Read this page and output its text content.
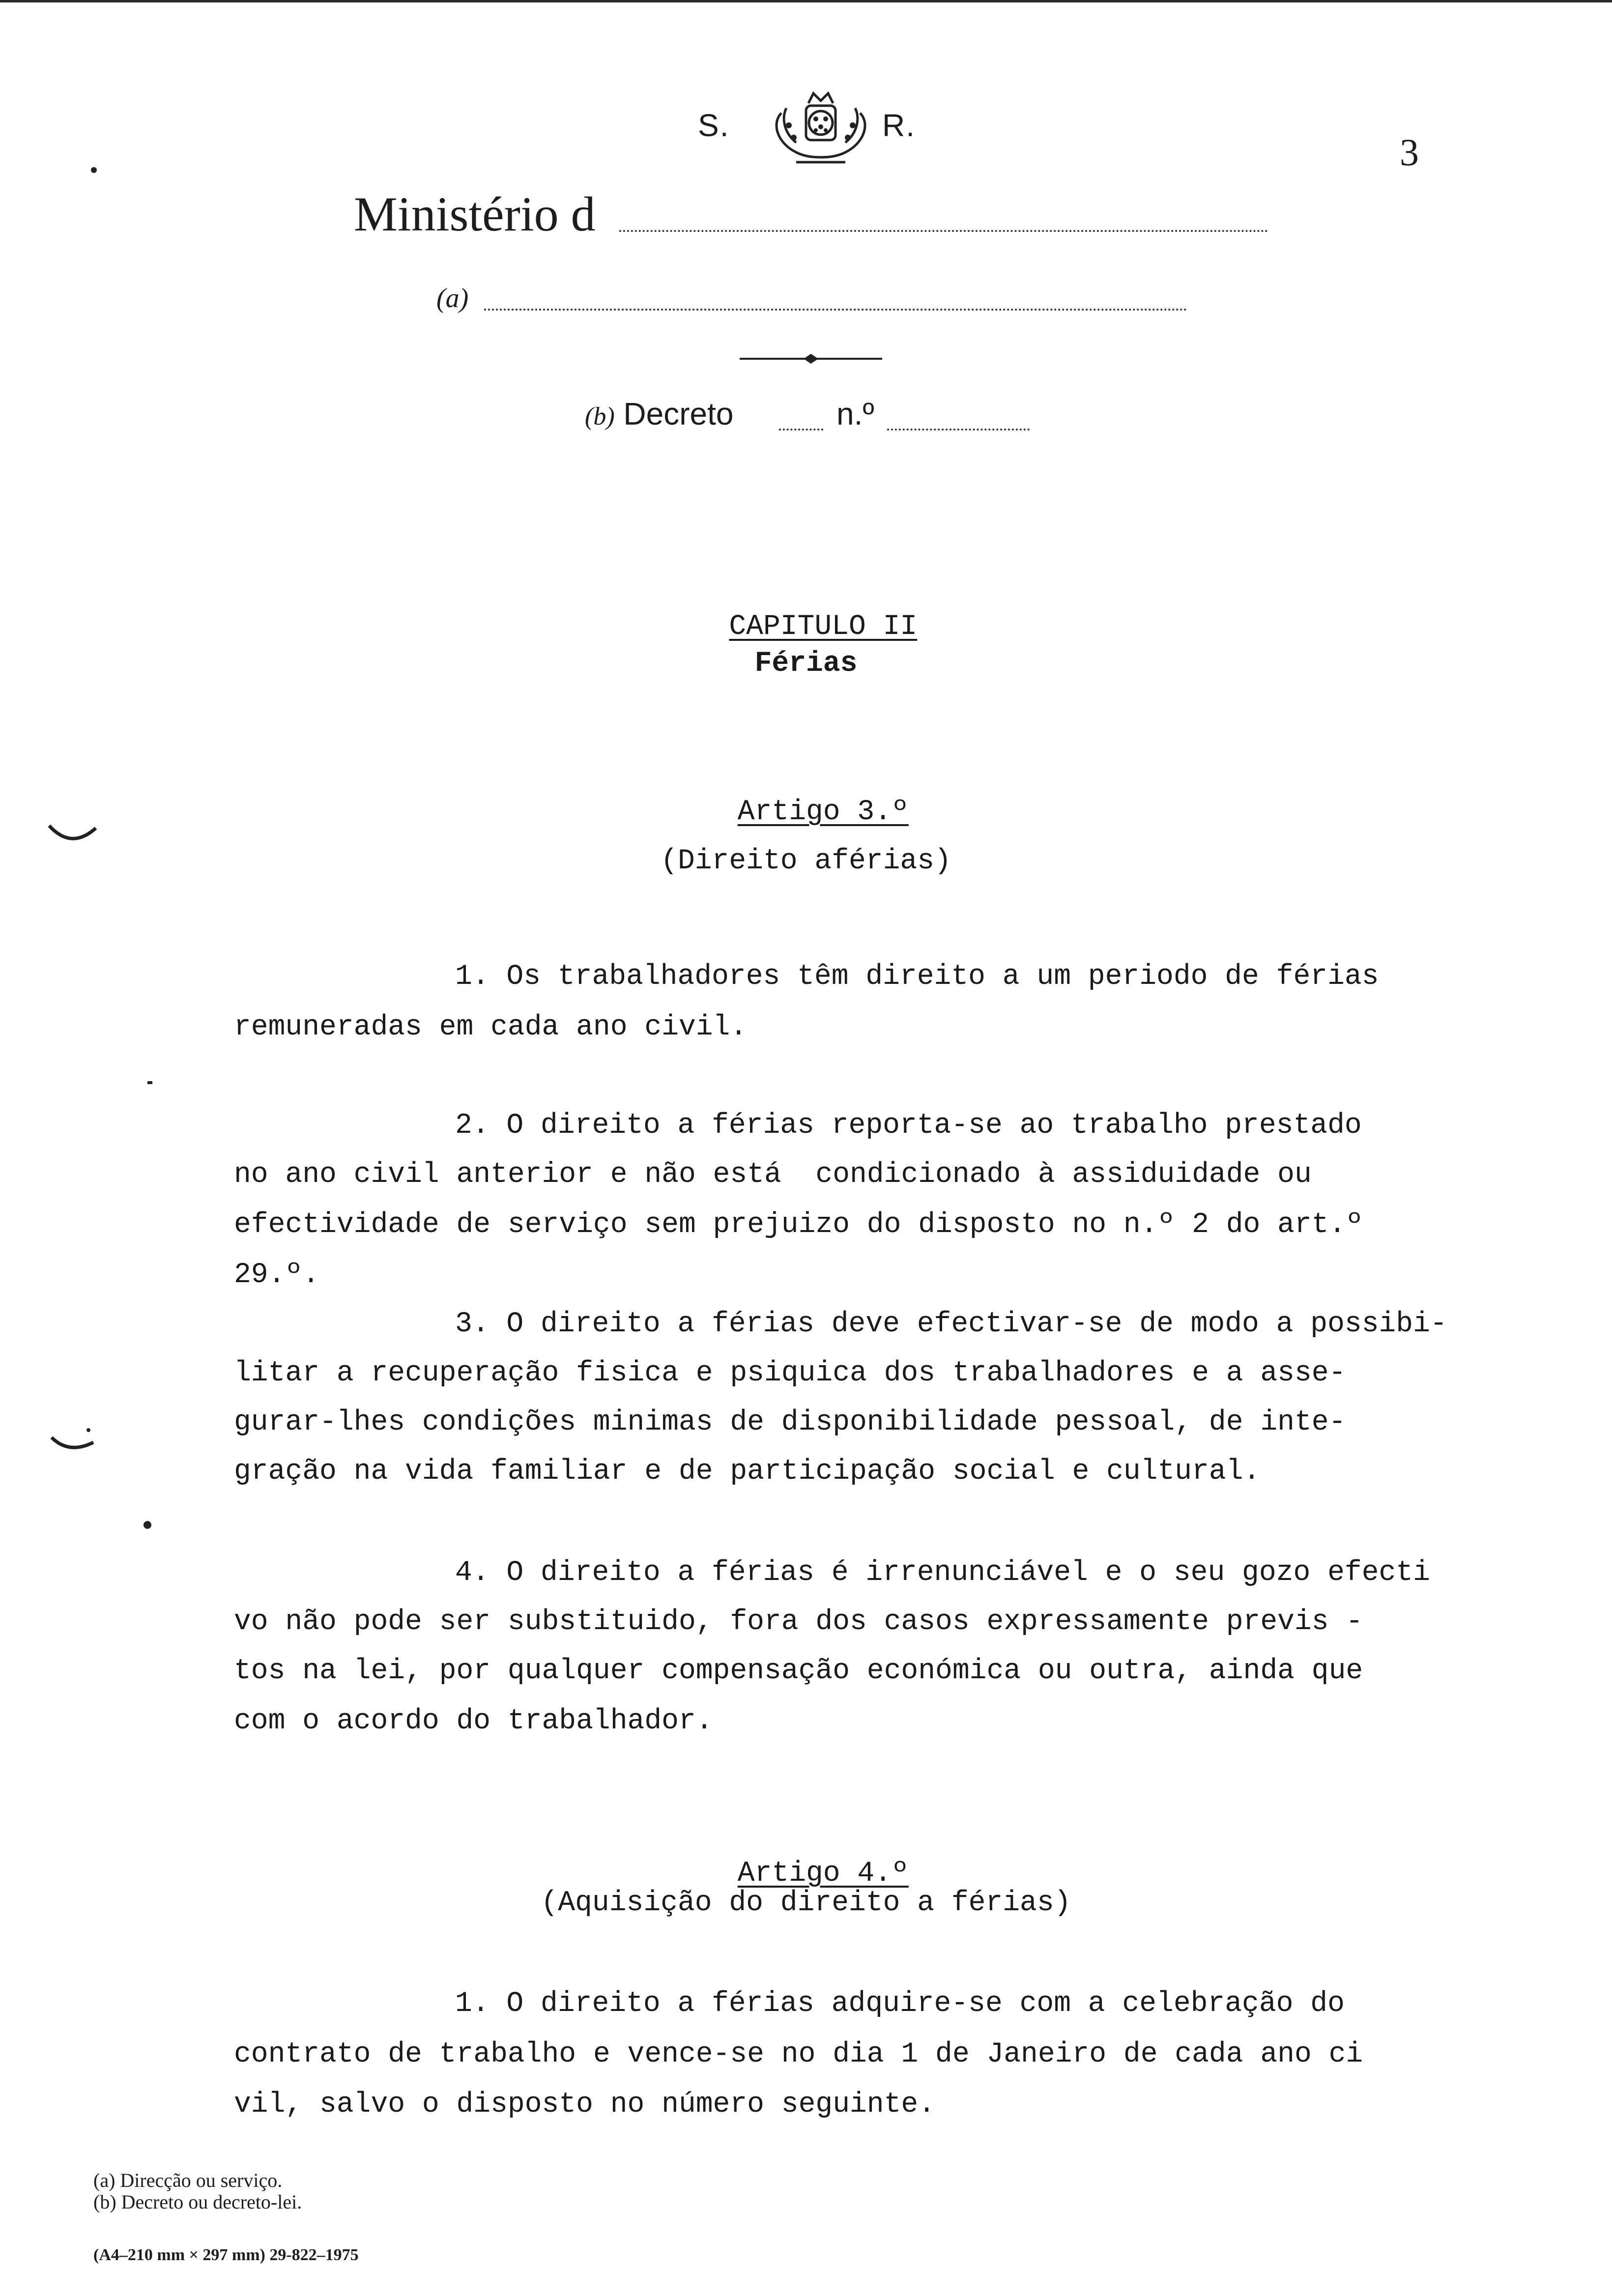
S.	R.
3
Ministério d
(a)
(b) Decreto	n.º

CAPITULO II

Férias

Artigo 3.º

(Direito aférias)
1. Os trabalhadores têm direito a um periodo de férias
remuneradas em cada ano civil.
2. O direito a férias reporta-se ao trabalho prestado
no ano civil anterior e não está  condicionado à assiduidade ou
efectividade de serviço sem prejuizo do disposto no n.º 2 do art.º
29.º.
3. O direito a férias deve efectivar-se de modo a possibi-
litar a recuperação fisica e psiquica dos trabalhadores e a asse-
gurar-lhes condições minimas de disponibilidade pessoal, de inte-
gração na vida familiar e de participação social e cultural.
4. O direito a férias é irrenunciável e o seu gozo efecti
vo não pode ser substituido, fora dos casos expressamente previs -
tos na lei, por qualquer compensação económica ou outra, ainda que
com o acordo do trabalhador.

Artigo 4.º

(Aquisição do direito a férias)
1. O direito a férias adquire-se com a celebração do
contrato de trabalho e vence-se no dia 1 de Janeiro de cada ano ci
vil, salvo o disposto no número seguinte.
(a) Direcção ou serviço.
(b) Decreto ou decreto-lei.
(A4–210 mm × 297 mm) 29-822–1975
